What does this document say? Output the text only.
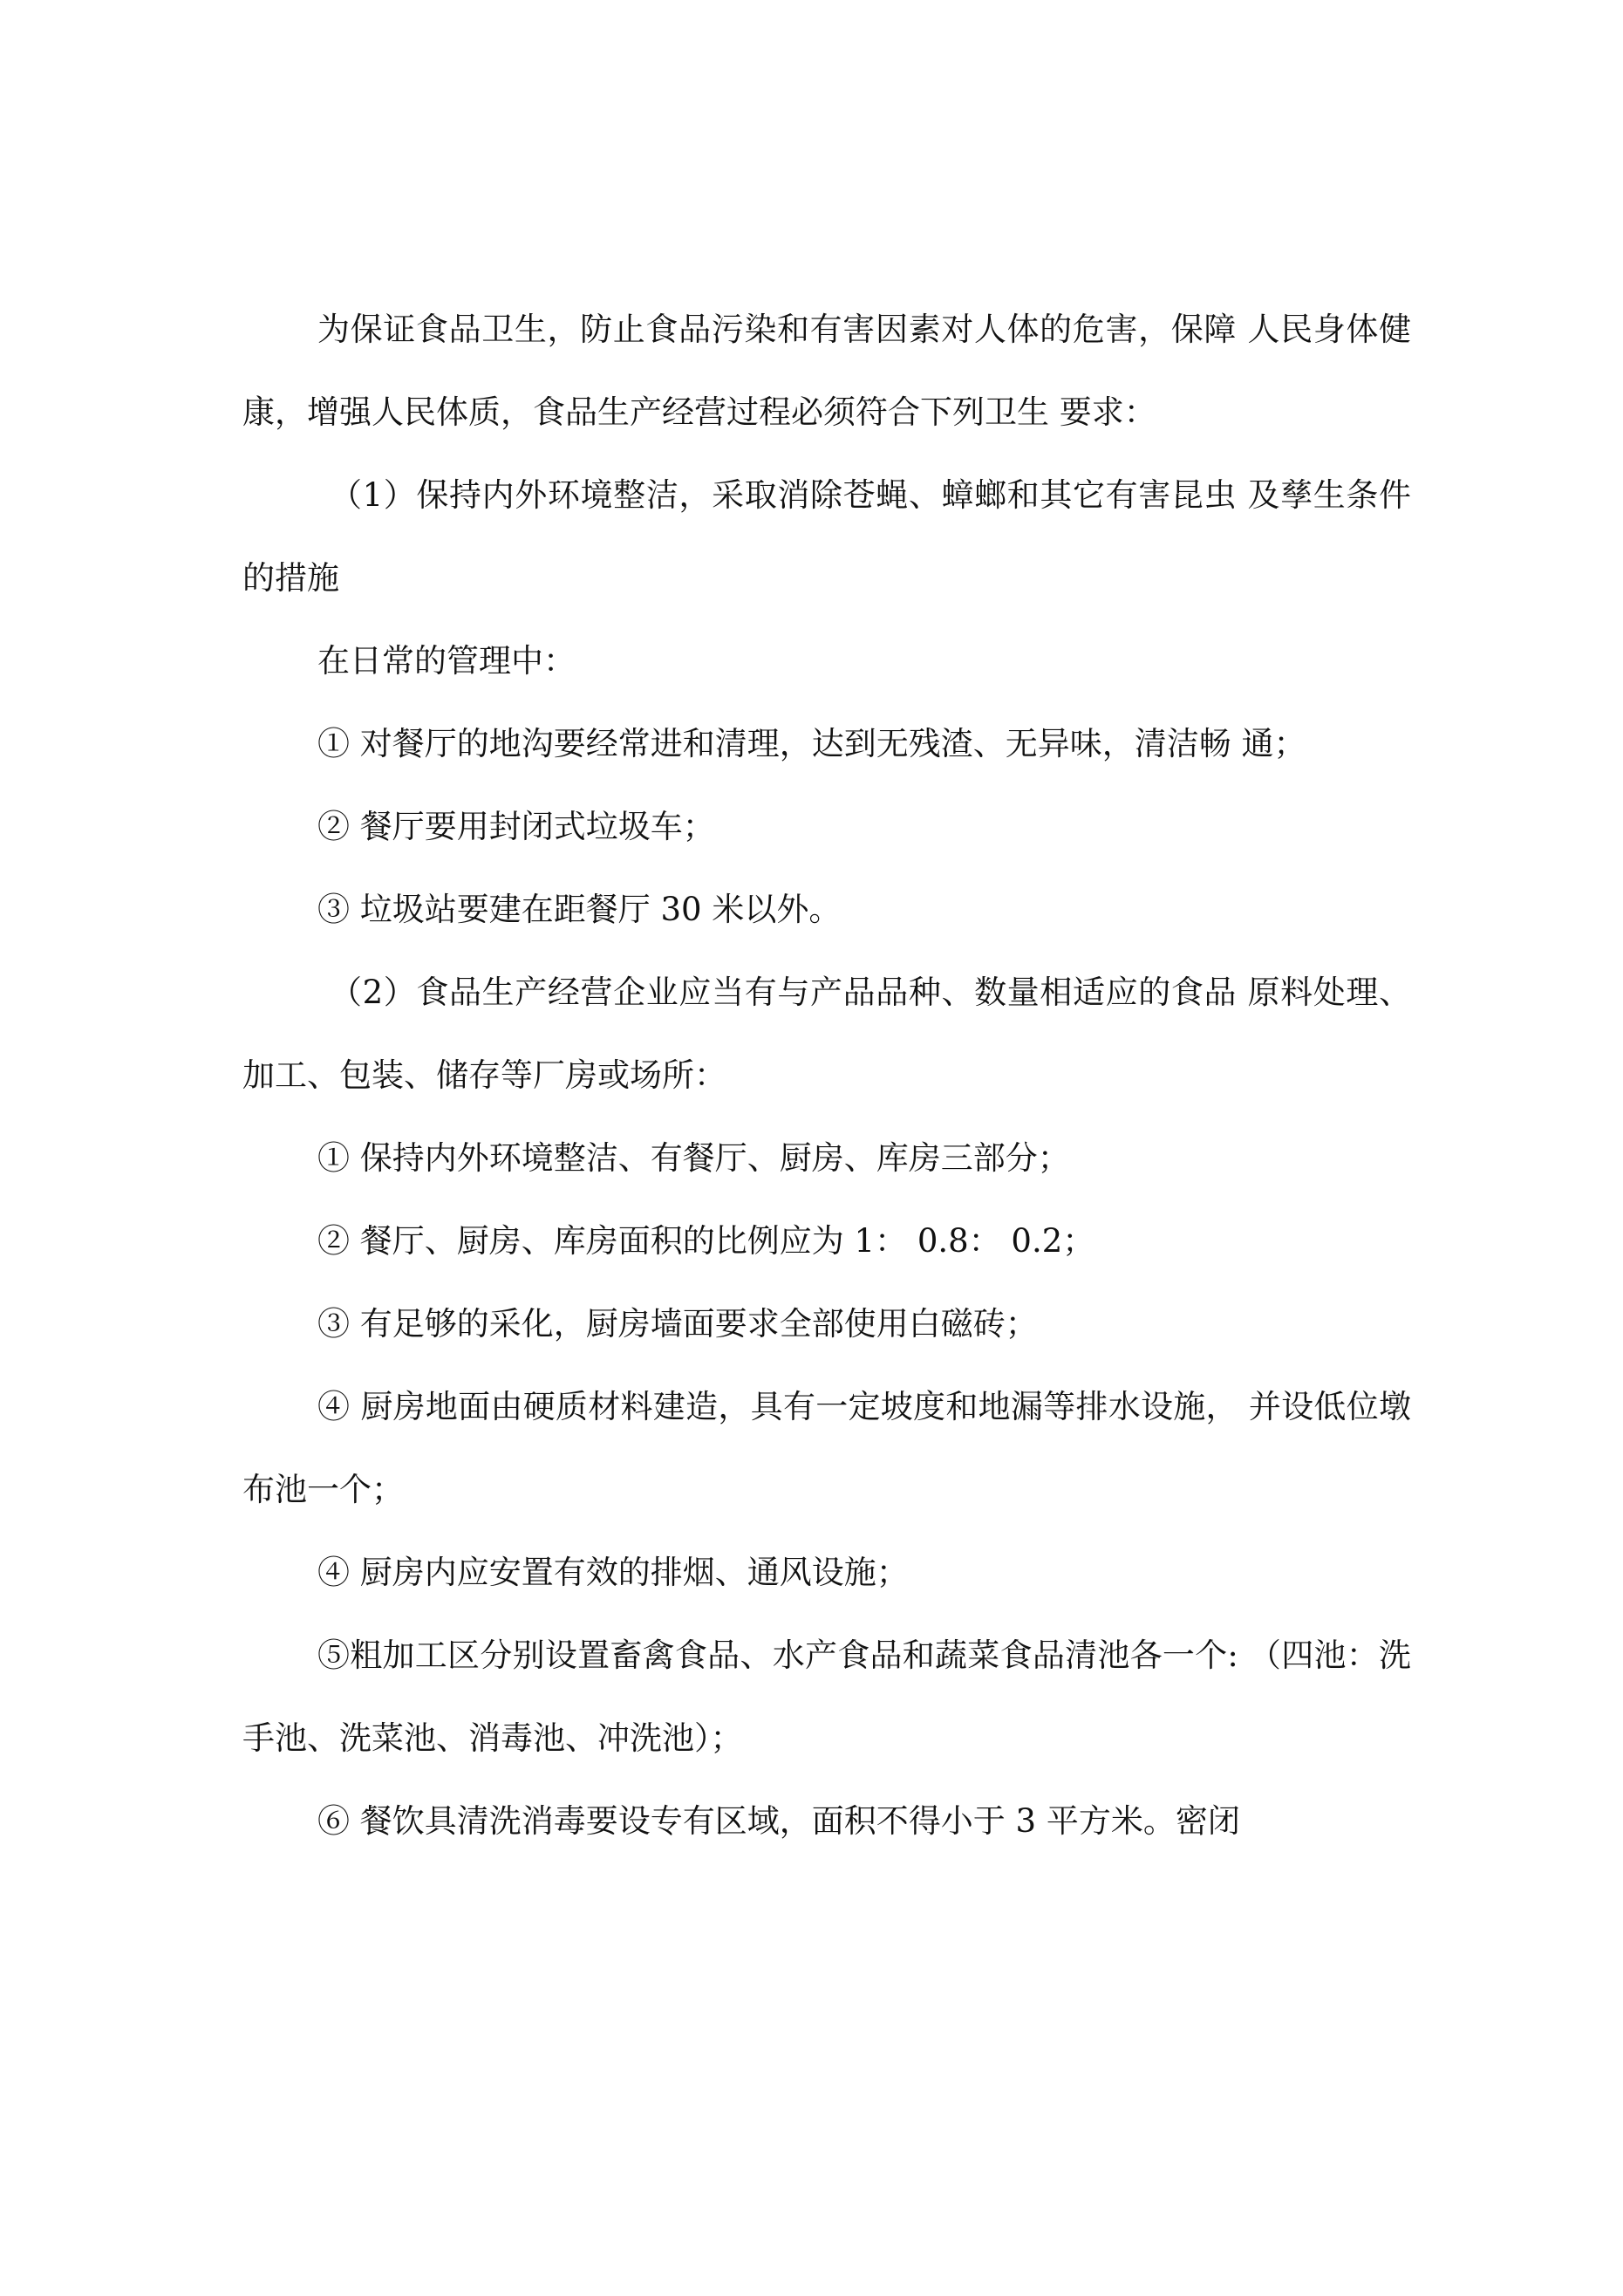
为保证食品卫生，防止食品污染和有害因素对人体的危害，保障 人民身体健康，增强人民体质，食品生产经营过程必须符合下列卫生 要求：

（1）保持内外环境整洁，采取消除苍蝇、蟑螂和其它有害昆虫 及孳生条件的措施

在日常的管理中：

① 对餐厅的地沟要经常进和清理，达到无残渣、无异味，清洁畅 通；

② 餐厅要用封闭式垃圾车；

③ 垃圾站要建在距餐厅 30 米以外。

（2）食品生产经营企业应当有与产品品种、数量相适应的食品 原料处理、加工、包装、储存等厂房或场所：

① 保持内外环境整洁、有餐厅、厨房、库房三部分；

② 餐厅、厨房、库房面积的比例应为 1： 0.8： 0.2；

③ 有足够的采化，厨房墙面要求全部使用白磁砖；

④ 厨房地面由硬质材料建造，具有一定坡度和地漏等排水设施， 并设低位墩布池一个；

④ 厨房内应安置有效的排烟、通风设施；

⑤粗加工区分别设置畜禽食品、水产食品和蔬菜食品清池各一个: （四池：洗手池、洗菜池、消毒池、冲洗池）；

⑥ 餐饮具清洗消毒要设专有区域，面积不得小于 3 平方米。密闭
